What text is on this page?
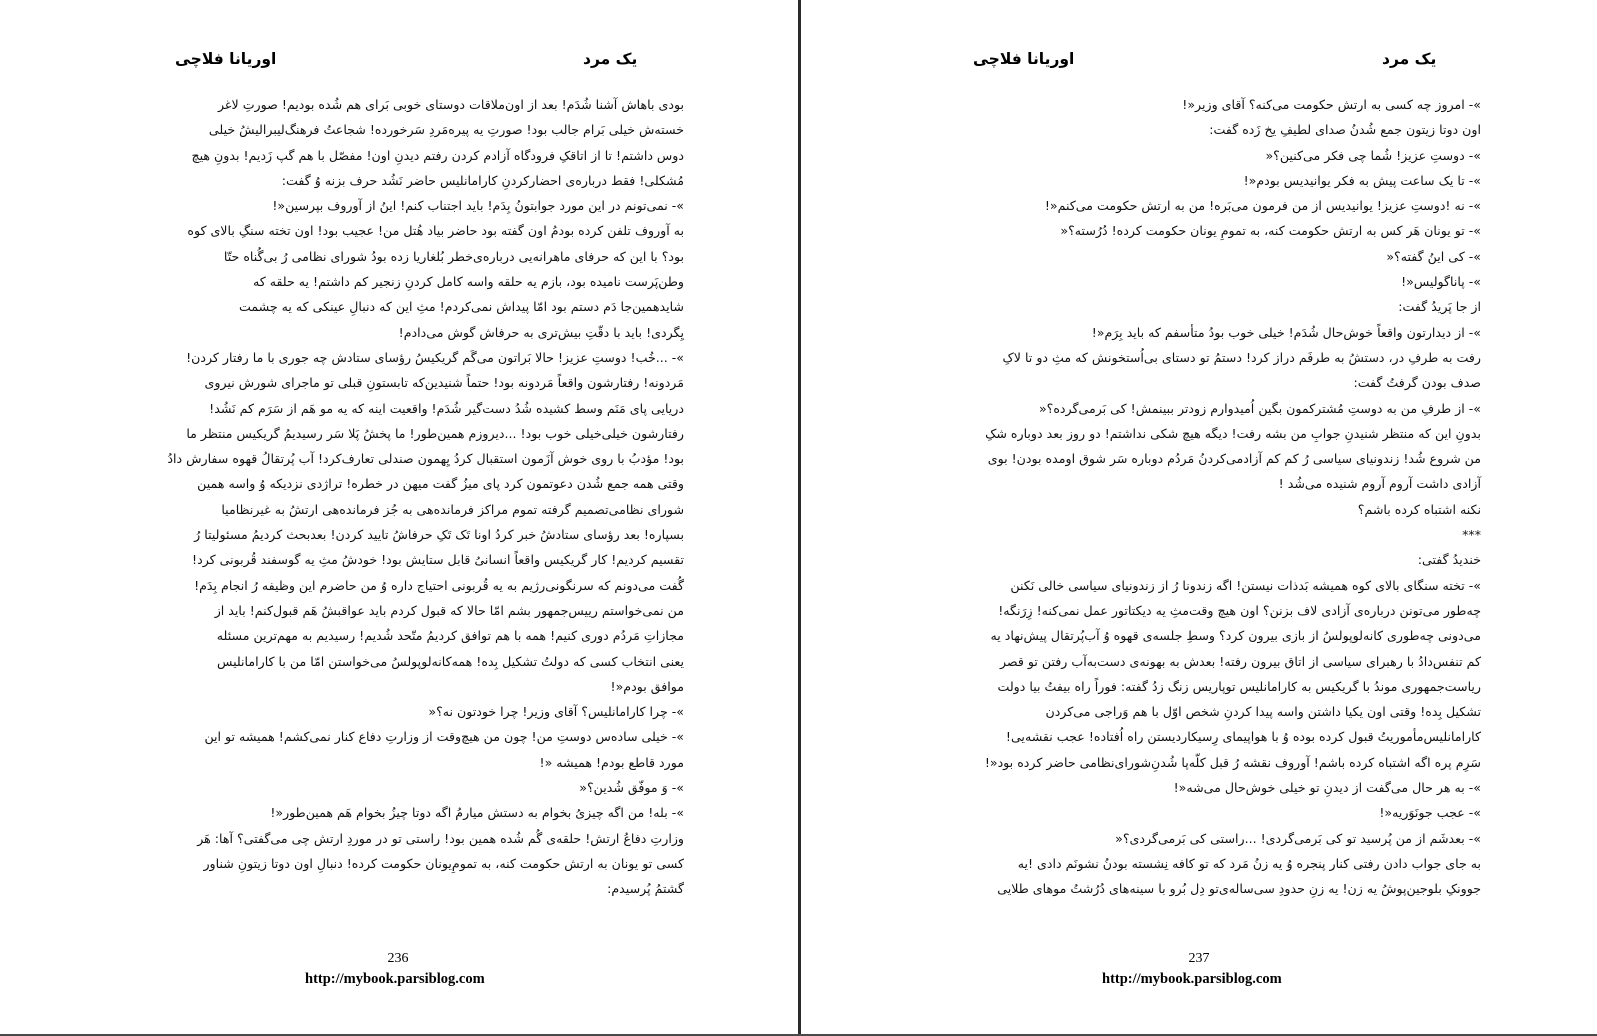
یک مرد
اوریانا فلاچی
بودی باهاش آشنا شُدَم! بعد از اون‌ملاقات دوستای خوبی بَرای هم شُده بودیم! صورتِ لاغر
خسته‌ش خیلی بَرام جالب بود! صورتِ یه پیره‌مَردِ سَرخورده! شجاعتُ فرهنگ‌لیبرالیش‌ُ خیلی
دوس داشتم! تا از اتاقکِ فرودگاه آزادم کردن رفتم دیدنِ اون! مفصّل با هم گپ زَدیم! بدونِ هیچ
مُشکلی! فقط درباره‌ی احضارکردنِ کارامانلیس حاضر نَشُد حرف بزنه وُ گفت:
»- نمی‌تونم در این مورد جوابتونُ بِدَم! باید اجتناب کنم! اینُ از آوروف بپرسین«!
به آوروف تلفن کرده بودمُ اون گفته بود حاضر بیاد هُتل من! عجیب بود! اون تخته سنگِ بالای کوه
بود؟ با این که حرفای ماهرانه‌یی درباره‌ی‌خطر بُلغاریا زده بودُ شورای نظامی رُ بی‌گُناه حتّا
وطن‌پَرست نامیده بود، بازم یه حلقه واسه کامل کردنِ زنجیر کم داشتم! یه حلقه که
شایدهمین‌جا دَم دستم بود امّا پیداش نمی‌کردم! مثِ این که دنبالِ عینکی که یه چشمت
یِگردی! باید با دقّتِ بیش‌تری به حرفاش گوش می‌دادم!
»- ...خُب! دوستِ عزیز! حالا بَراتون می‌گَم گریکیس‌ُ رؤسای ستادش چه جوری با ما رفتار کردن!
مَردونه! رفتارشون واقعاً مَردونه بود! حتماً شنیدین‌که تابستونِ قبلی تو ماجرای شورش نیروی
دریایی پای مَنَم وسط کشیده شُدُ دست‌گیر شُدَم! واقعیت اینه که یه مو هَم از سَرَم کم نَشُد!
رفتارشون خیلی‌خیلی خوب بود! ...دیروزم همین‌طور! ما پخشُ پَلا سَر رسیدیمُ گریکیس منتظر ما
بود! مؤدبُ با روی خوش آزَمون استقبال کردُ یِهمون صندلی تعارف‌کرد! آب پُرتقالُ قهوه سفارش دادُ
وقتی همه جمع شُدن دعوتمون کرد پای میزُ گفت میهن در خطره! تراژدی نزدیکه وُ واسه همین
شورای نظامی‌تصمیم گرفته تموم مراکز فرمانده‌هی به جُز فرمانده‌هی ارتشُ به غیرنظامیا
بسپاره! بعد رؤسای ستادشُ خبر کردُ اونا تَک تَکِ حرفاشُ تایید کردن! بعدبحث کردیمُ مسئولیتا رُ
تقسیم کردیم! کار گریکیس واقعاً انسانیُ قابل ستایش بود! خودشُ مثِ یه گوسفند قُربونی کرد!
گُفت می‌دونم که سرنگونی‌رژیم به یه قُربونی احتیاج داره وُ من حاضرم این وظیفه رُ انجام بِدَم!
من نمی‌خواستم رییس‌جمهور بشم امّا حالا که قبول کردم باید عواقبشُ هَم قبول‌کنم! باید از
مجازاتِ مَردُم دوری کنیم! همه با هم توافق کردیمُ متّحد شُدیم! رسیدیم به مهم‌ترین مسئله
یعنی انتخاب کسی که دولتُ تشکیل بِده! همه‌کانه‌لوپولسُ می‌خواستن امّا من با کارامانلیس
موافق بودم«!
»- چرا کارامانلیس؟ آقای وزیر! چرا خودتون نه؟«
»- خیلی ساده‌س دوستِ من! چون من هیچ‌وقت از وزارتِ دفاع کنار نمی‌کشم! همیشه تو این
مورد قاطع بودم! همیشه «!
»- وَ موفّق شُدین؟«
»- بله! من اگه چیزیُ بخوام به دستش میارمُ اگه دوتا چیزُ بخوام هَم همین‌طور«!
وزارتِ دفاعُ ارتش! حلقه‌ی گُم شُده همین بود! راستی تو در موردِ ارتش چی می‌گفتی؟ آها: هَر
کسی تو یونان به ارتش حکومت کنه، به تمومِ‌یونان حکومت کرده! دنبالِ اون دوتا زیتونِ شناور
گشتمُ پُرسیدم:
236
http://mybook.parsiblog.com
یک مرد
اوریانا فلاچی
»- امروز چه کسی به ارتش حکومت می‌کنه؟ آقای وزیر«!
اون دوتا زیتون جمع شُدنُ صدای لطیفِ یخ زَده گفت:
»- دوستِ عزیز! شُما چی فکر می‌کنین؟«
»- تا یک ساعت پیش به فکر یوانیدیس بودم«!
»- نه !دوستِ عزیز! یوانیدیس از من فرمون می‌بَره! من به ارتش حکومت می‌کنم«!
»- تو یونان هَر کس به ارتش حکومت کنه، به تمومِ یونان حکومت کرده! دُرُسته؟«
»- کی اینُ گفته؟«
»- پاناگولیس«!
از جا پَریدُ گفت:
»- از دیدارتون واقعاً خوش‌حال شُدَم! خیلی خوب بودُ متأسفم که باید بِرَم«!
رفت به طرفِ در، دستشُ به طرفَم دراز کرد! دستمُ تو دستای بی‌اُستخونش که مثِ دو تا لاکِ
صدف بودن گرفتُ گفت:
»- از طرفِ من به دوستِ مُشترکمون بگین اُمیدوارم زودتر ببینمش! کی بَرمی‌گرده؟«
بدونِ این که منتظر شنیدنِ جوابِ من بشه رفت! دیگه هیچ شکی نداشتم! دو روز بعد دوباره شکِ
من شروع شُد! زندونیای سیاسی رُ کم کم آزادمی‌کردنُ مَردُم دوباره سَر شوق اومده بودن! بوی
آزادی داشت آروم آروم شنیده می‌شُد !
نکنه اشتباه کرده باشم؟
***
خندیدُ گفتی:
»- تخته سنگای بالای کوه همیشه بَدذات نیستن! اگه زندونا رُ از زندونیای سیاسی خالی نَکنن
چه‌طور می‌تونن درباره‌ی آزادی لاف بزنن؟ اون هیچ وقت‌مثِ یه دیکتاتور عمل نمی‌کنه! زِرَنگه!
می‌دونی چه‌طوری کانه‌لوپولسُ از بازی بیرون کرد؟ وسطِ جلسه‌ی قهوه وُ آب‌پُرتقال پیش‌نهاد یه
کم تنفس‌دادُ با رهبرای سیاسی از اتاق بیرون رفته! بعدش به بهونه‌ی دست‌به‌آب رفتن تو قصر
ریاست‌جمهوری موندُ با گریکیس به کارامانلیس توپاریس زنگ زدُ گفته: فوراً راه بیفتُ بیا دولت
تشکیل بِده! وقتی اون یکیا داشتن واسه پیدا کردنِ شخص اوّل با هم وَراجی می‌کردن
کارامانلیس‌مأموریتُ قبول کرده بوده وُ با هواپیمای رِسیکاردیستن راه اُفتاده! عجب نقشه‌یی!
سَرِم پره اگه اشتباه کرده باشم! آوروف نقشه رُ قبل کلّه‌پا شُدنِ‌شورای‌نظامی حاضر کرده بود«!
»- به هر حال می‌گفت از دیدنِ تو خیلی خوش‌حال می‌شه«!
»- عجب جونَوَریه«!
»- بعدشَم از من پُرسید تو کی بَرمی‌گردی! ...راستی کی بَرمی‌گردی؟«
به جای جواب دادن رفتی کنار پنجره وُ یه زنُ مَرد که تو کافه نِشسته بودنُ نشونَم دادی !یه
جوونکِ بلوجین‌پوشُ یه زن! یه زنِ حدودِ سی‌ساله‌ی‌تو دِل بُرو با سینه‌های دُرُشتُ موهای طلایی
237
http://mybook.parsiblog.com
